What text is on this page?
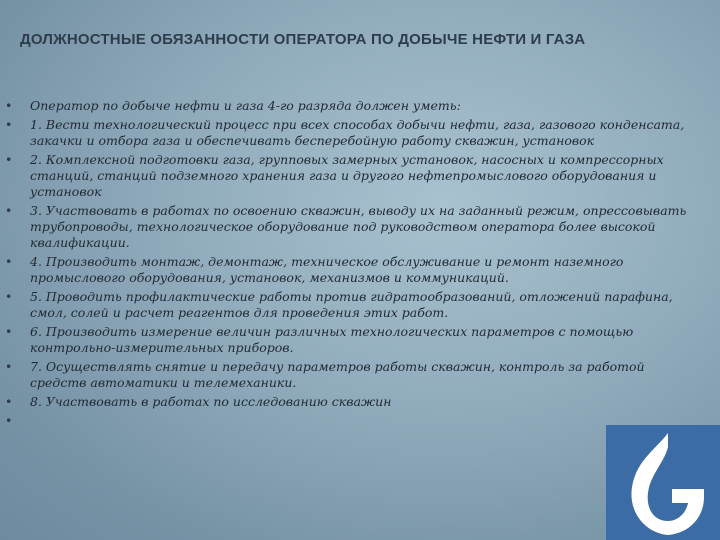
ДОЛЖНОСТНЫЕ ОБЯЗАННОСТИ ОПЕРАТОРА ПО ДОБЫЧЕ НЕФТИ И ГАЗА
• Оператор по добыче нефти и газа 4-го разряда должен уметь:
• 1. Вести технологический процесс при всех способах добычи нефти, газа, газового конденсата, закачки и отбора газа и обеспечивать бесперебойную работу скважин, установок
• 2. Комплексной подготовки газа, групповых замерных установок, насосных и компрессорных станций, станций подземного хранения газа и другого нефтепромыслового оборудования и установок
• 3. Участвовать в работах по освоению скважин, выводу их на заданный режим, опрессовывать трубопроводы, технологическое оборудование под руководством оператора более высокой квалификации.
• 4. Производить монтаж, демонтаж, техническое обслуживание и ремонт наземного промыслового оборудования, установок, механизмов и коммуникаций.
• 5. Проводить профилактические работы против гидратообразований, отложений парафина, смол, солей и расчет реагентов для проведения этих работ.
• 6. Производить измерение величин различных технологических параметров с помощью контрольно-измерительных приборов.
• 7. Осуществлять снятие и передачу параметров работы скважин, контроль за работой средств автоматики и телемеханики.
• 8. Участвовать в работах по исследованию скважин
•
